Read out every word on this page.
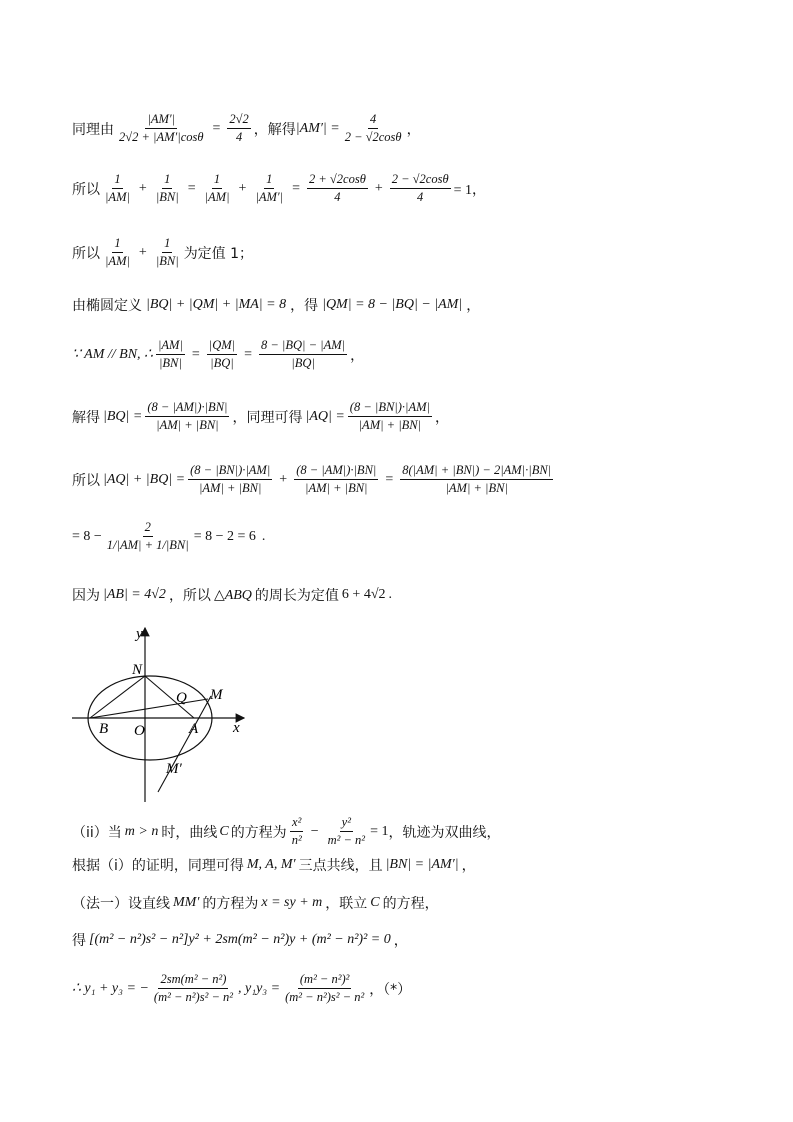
同理由 $\frac{|AM'|}{2√2 + |AM'|\cos\theta} = \frac{2√2}{4}$ ，解得 $|AM'| = \frac{4}{2 - √2\cos\theta}$ ，
所以 $\frac{1}{|AM|} + \frac{1}{|BN|} = \frac{1}{|AM|} + \frac{1}{|AM'|} = \frac{2 + √2\cos\theta}{4} + \frac{2 - √2\cos\theta}{4} = 1$，
所以 $\frac{1}{|AM|} + \frac{1}{|BN|}$ 为定值 1；
由椭圆定义 |BQ| + |QM| + |MA| = 8 ，得 |QM| = 8 − |BQ| − |AM| ，
∵ AM // BN, ∴ $\frac{|AM|}{|BN|} = \frac{|QM|}{|BQ|} = \frac{8 - |BQ| - |AM|}{|BQ|}$ ，
解得 $|BQ| = \frac{(8 - |AM|)\cdot|BN|}{|AM| + |BN|}$ ，同理可得 $|AQ| = \frac{(8 - |BN|)\cdot|AM|}{|AM| + |BN|}$ ，
所以 $|AQ| + |BQ| = \frac{(8 - |BN|)\cdot|AM|}{|AM| + |BN|} + \frac{(8 - |AM|)\cdot|BN|}{|AM| + |BN|} = \frac{8(|AM| + |BN|) - 2|AM|\cdot|BN|}{|AM| + |BN|}$
= $8 - \frac{2}{1/|AM| + 1/|BN|} = 8 - 2 = 6$ .
因为 |AB| = 4√2 ，所以 △ABQ 的周长为定值 6 + 4√2 .
y
x
N
Q M
B O	A
M′
（ii）当 m > n 时，曲线 C 的方程为 $\frac{\text{x²}}{\text{n²}} - \frac{\text{y²}}{\text{m² − n²}} = 1$ ，轨迹为双曲线，
根据（i）的证明，同理可得 M, A, M′ 三点共线，且 |BN| = |AM′| ，
（法一）设直线 MM′ 的方程为 x = sy + m ，联立 C 的方程，
得 [(m² − n²)s² − n²]y² + 2sm(m² − n²)y + (m² − n²)² = 0 ，
∴ y₁ + y₃ = − $\frac{\text{2sm(m² − n²)}}{\text{(m² − n²)s² − n²}}$ , $y_1y_3 = \frac{\text{(m² − n²)²}}{\text{(m² − n²)s² − n²}}$ ，（*）
